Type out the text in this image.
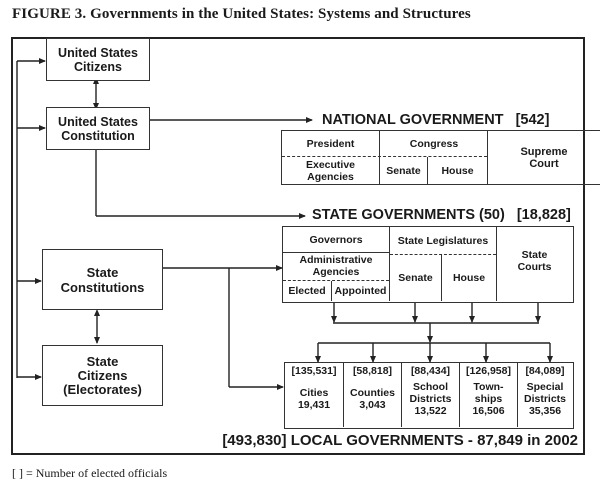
FIGURE 3. Governments in the United States: Systems and Structures
United States
Citizens
United States
Constitution
NATIONAL GOVERNMENT [542]
President
Executive
Agencies
Congress
Senate	House
Supreme
Court
STATE GOVERNMENTS (50) [18,828]
Governors
Administrative
Agencies
Elected Appointed
State Legislatures
Senate	House
State
Courts
State
Constitutions
State
Citizens
(Electorates)
[135,531]
Cities
19,431
[58,818]
Counties
3,043
[88,434]
School
Districts
13,522
[126,958]
Town-
ships
16,506
[84,089]
Special
Districts
35,356
[493,830] LOCAL GOVERNMENTS - 87,849 in 2002
[ ] = Number of elected officials
